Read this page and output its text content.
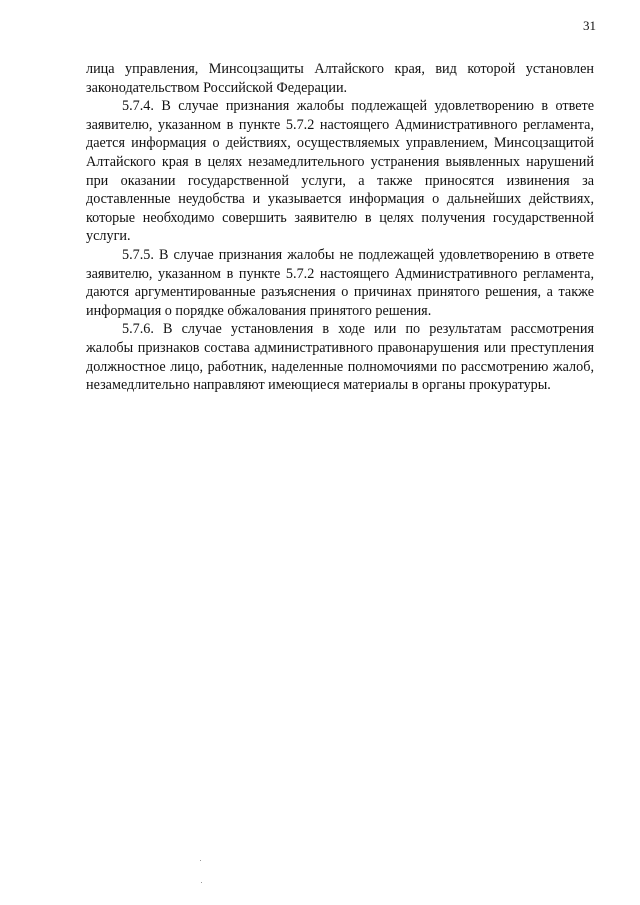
31

лица управления, Минсоцзащиты Алтайского края, вид которой установлен законодательством Российской Федерации.

5.7.4. В случае признания жалобы подлежащей удовлетворению в ответе заявителю, указанном в пункте 5.7.2 настоящего Административного регламента, дается информация о действиях, осуществляемых управлением, Минсоцзащитой Алтайского края в целях незамедлительного устранения выявленных нарушений при оказании государственной услуги, а также приносятся извинения за доставленные неудобства и указывается информация о дальнейших действиях, которые необходимо совершить заявителю в целях получения государственной услуги.

5.7.5. В случае признания жалобы не подлежащей удовлетворению в ответе заявителю, указанном в пункте 5.7.2 настоящего Административного регламента, даются аргументированные разъяснения о причинах принятого решения, а также информация о порядке обжалования принятого решения.

5.7.6. В случае установления в ходе или по результатам рассмотрения жалобы признаков состава административного правонарушения или преступления должностное лицо, работник, наделенные полномочиями по рассмотрению жалоб, незамедлительно направляют имеющиеся материалы в органы прокуратуры.
